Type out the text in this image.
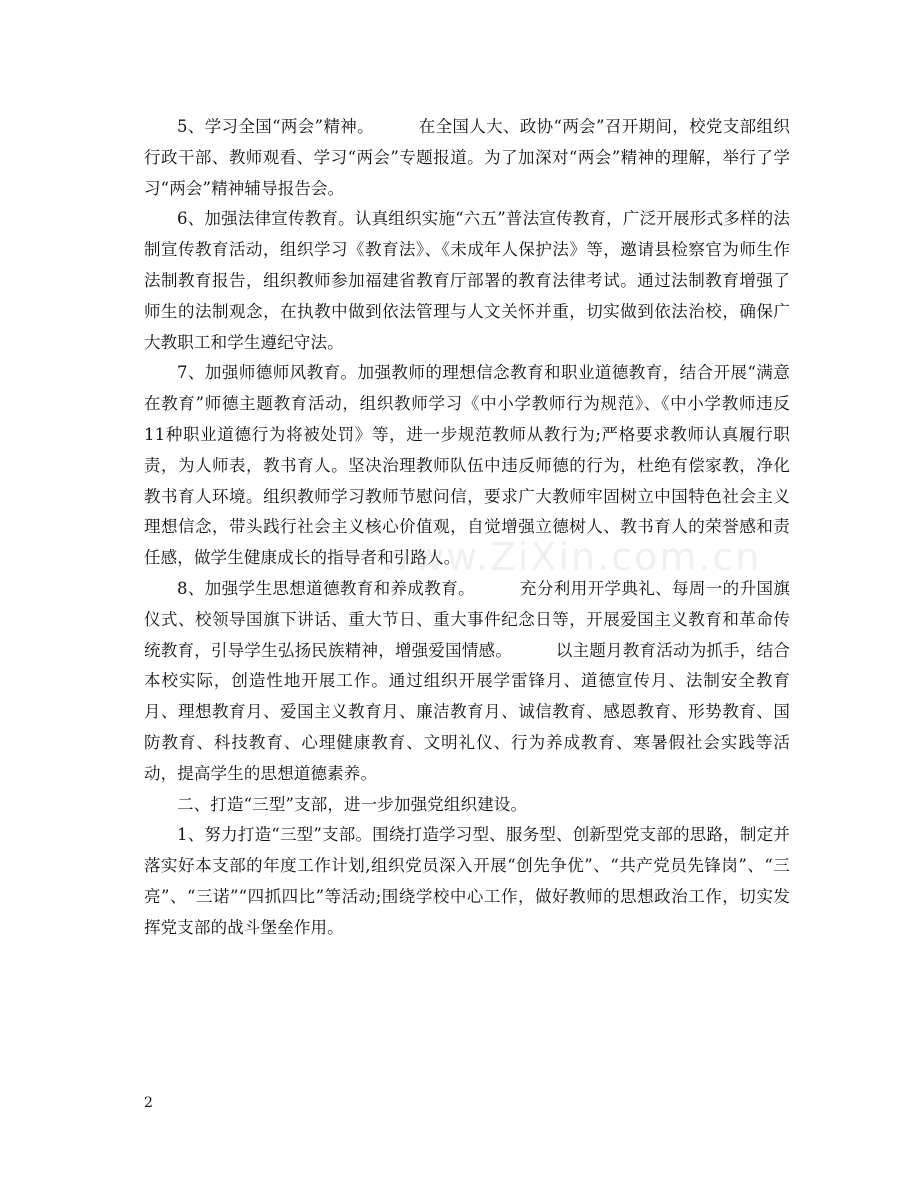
5、学习全国“两会”精神。        在全国人大、政协“两会”召开期间，校党支部组织行政干部、教师观看、学习“两会”专题报道。为了加深对“两会”精神的理解，举行了学习“两会”精神辅导报告会。

6、加强法律宣传教育。认真组织实施“六五”普法宣传教育，广泛开展形式多样的法制宣传教育活动，组织学习《教育法》、《未成年人保护法》等，邀请县检察官为师生作法制教育报告，组织教师参加福建省教育厅部署的教育法律考试。通过法制教育增强了师生的法制观念，在执教中做到依法管理与人文关怀并重，切实做到依法治校，确保广大教职工和学生遵纪守法。

7、加强师德师风教育。加强教师的理想信念教育和职业道德教育，结合开展“满意在教育”师德主题教育活动，组织教师学习《中小学教师行为规范》、《中小学教师违反11种职业道德行为将被处罚》等，进一步规范教师从教行为;严格要求教师认真履行职责，为人师表，教书育人。坚决治理教师队伍中违反师德的行为，杜绝有偿家教，净化教书育人环境。组织教师学习教师节慰问信，要求广大教师牢固树立中国特色社会主义理想信念，带头践行社会主义核心价值观，自觉增强立德树人、教书育人的荣誉感和责任感，做学生健康成长的指导者和引路人。

8、加强学生思想道德教育和养成教育。        充分利用开学典礼、每周一的升国旗仪式、校领导国旗下讲话、重大节日、重大事件纪念日等，开展爱国主义教育和革命传统教育，引导学生弘扬民族精神，增强爱国情感。        以主题月教育活动为抓手，结合本校实际，创造性地开展工作。通过组织开展学雷锋月、道德宣传月、法制安全教育月、理想教育月、爱国主义教育月、廉洁教育月、诚信教育、感恩教育、形势教育、国防教育、科技教育、心理健康教育、文明礼仪、行为养成教育、寒暑假社会实践等活动，提高学生的思想道德素养。

二、打造“三型”支部，进一步加强党组织建设。

1、努力打造“三型”支部。围绕打造学习型、服务型、创新型党支部的思路，制定并落实好本支部的年度工作计划,组织党员深入开展“创先争优”、“共产党员先锋岗”、“三亮”、“三诺”“四抓四比”等活动;围绕学校中心工作，做好教师的思想政治工作，切实发挥党支部的战斗堡垒作用。

www.ZiXin.com.cn
2
